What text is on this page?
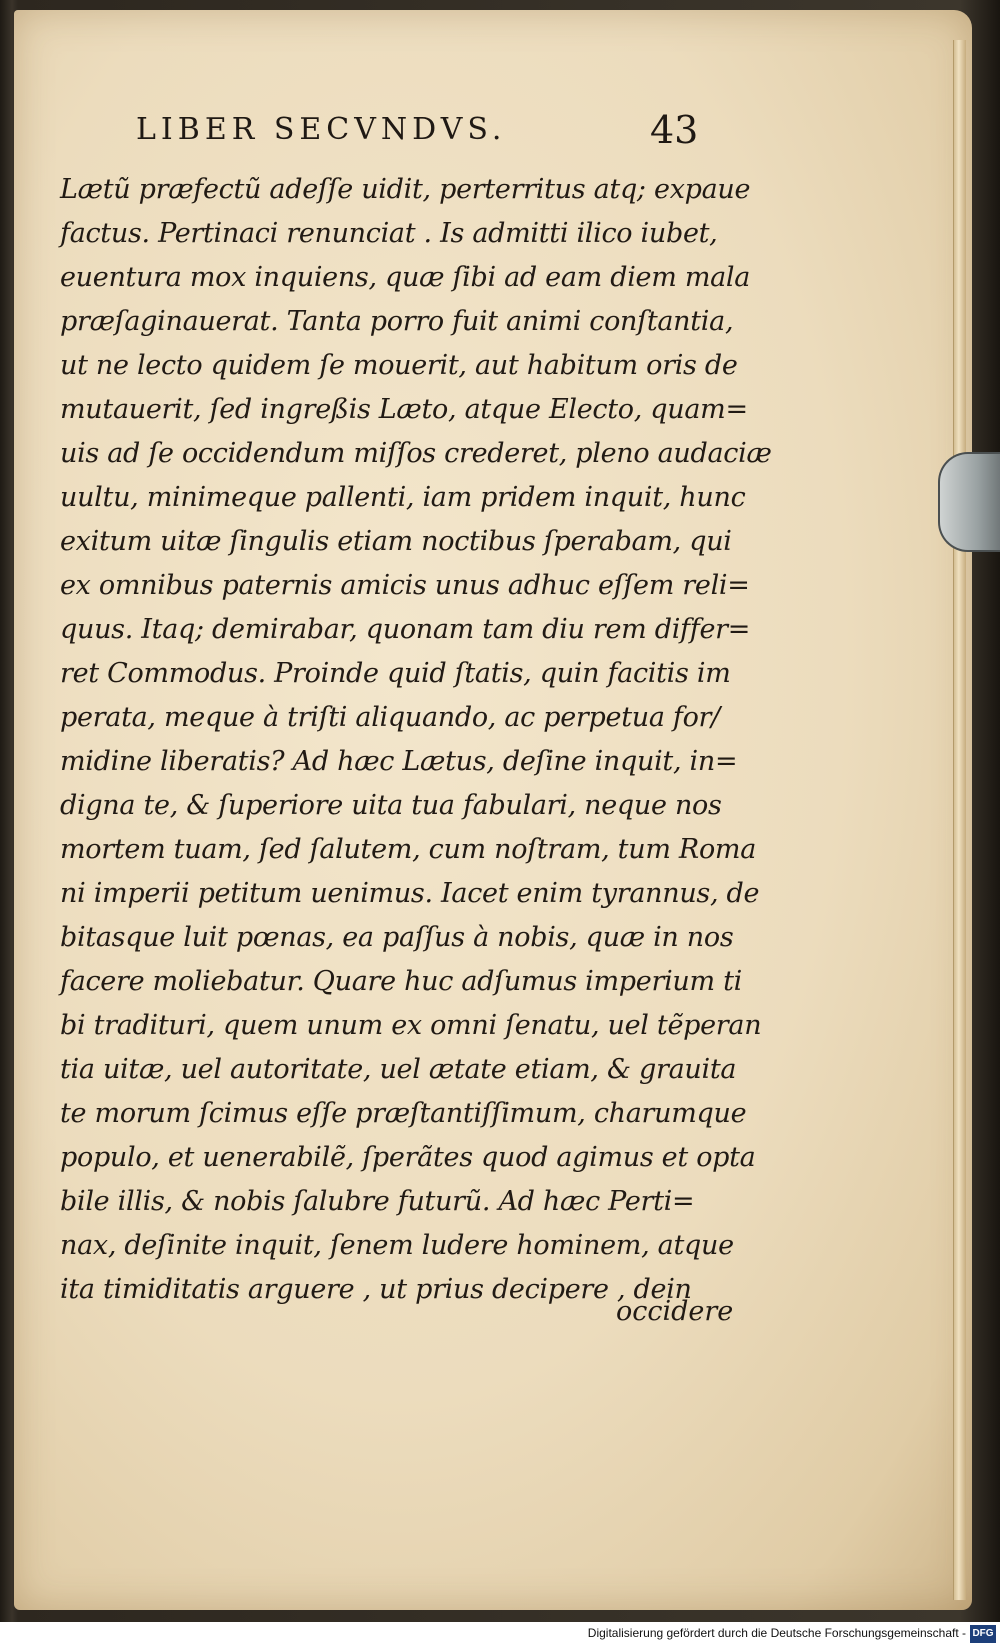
LIBER SECVNDVS.	43
Lætũ præfectũ adeſſe uidit, perterritus atq; expaue
factus. Pertinaci renunciat . Is admitti ilico iubet,
euentura mox inquiens, quæ ſibi ad eam diem mala
præſaginauerat. Tanta porro fuit animi conſtantia,
ut ne lecto quidem ſe mouerit, aut habitum oris de
mutauerit, ſed ingreßis Læto, atque Electo, quam=
uis ad ſe occidendum miſſos crederet, pleno audaciæ
uultu, minimeque pallenti, iam pridem inquit, hunc
exitum uitæ ſingulis etiam noctibus ſperabam, qui
ex omnibus paternis amicis unus adhuc eſſem reli=
quus. Itaq; demirabar, quonam tam diu rem differ=
ret Commodus. Proinde quid ſtatis, quin facitis im
perata, meque à triſti aliquando, ac perpetua for/
midine liberatis? Ad hæc Lætus, deſine inquit, in=
digna te, & ſuperiore uita tua fabulari, neque nos
mortem tuam, ſed ſalutem, cum noſtram, tum Roma
ni imperii petitum uenimus. Iacet enim tyrannus, de
bitasque luit pœnas, ea paſſus à nobis, quæ in nos
facere moliebatur. Quare huc adſumus imperium ti
bi tradituri, quem unum ex omni ſenatu, uel tẽperan
tia uitæ, uel autoritate, uel ætate etiam, & grauita
te morum ſcimus eſſe præſtantiſſimum, charumque
populo, et uenerabilẽ, ſperãtes quod agimus et opta
bile illis, & nobis ſalubre futurũ. Ad hæc Perti=
nax, deſinite inquit, ſenem ludere hominem, atque
ita timiditatis arguere , ut prius decipere , dein
occidere
Digitalisierung gefördert durch die Deutsche Forschungsgemeinschaft - DFG
